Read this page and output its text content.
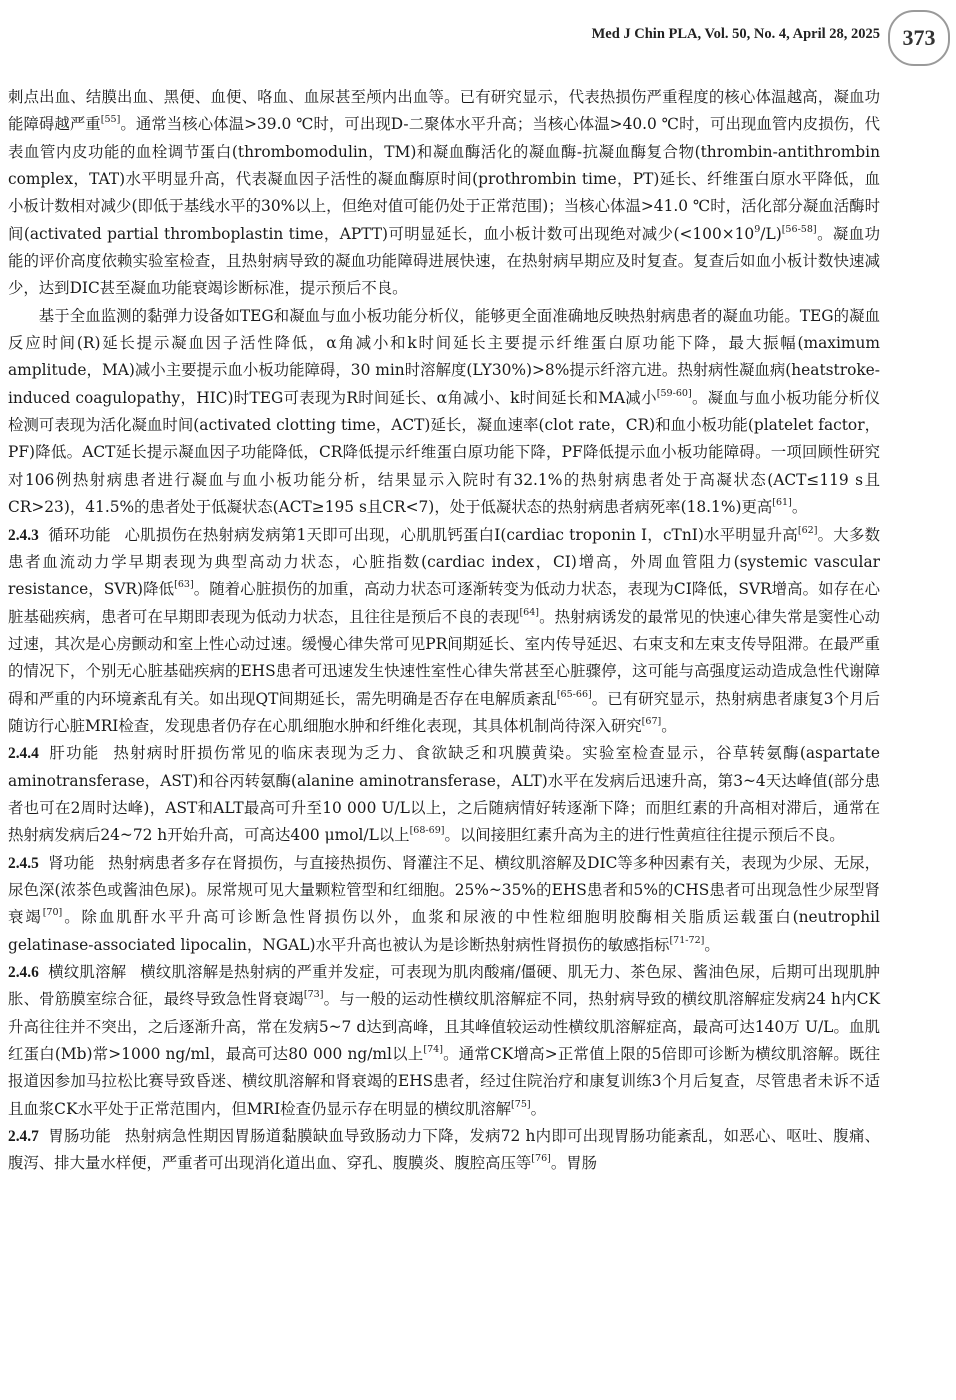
Med J Chin PLA, Vol. 50, No. 4, April 28, 2025	373

刺点出血、结膜出血、黑便、血便、咯血、血尿甚至颅内出血等。已有研究显示，代表热损伤严重程度的核心体温越高，凝血功能障碍越严重[55]。通常当核心体温>39.0 ℃时，可出现D-二聚体水平升高；当核心体温>40.0 ℃时，可出现血管内皮损伤，代表血管内皮功能的血栓调节蛋白(thrombomodulin，TM)和凝血酶活化的凝血酶-抗凝血酶复合物(thrombin-antithrombin complex，TAT)水平明显升高，代表凝血因子活性的凝血酶原时间(prothrombin time，PT)延长、纤维蛋白原水平降低，血小板计数相对减少(即低于基线水平的30%以上，但绝对值可能仍处于正常范围)；当核心体温>41.0 ℃时，活化部分凝血活酶时间(activated partial thromboplastin time，APTT)可明显延长，血小板计数可出现绝对减少$(<100\times 10^9/L)[56-58]$。凝血功能的评价高度依赖实验室检查，且热射病导致的凝血功能障碍进展快速，在热射病早期应及时复查。复查后如血小板计数快速减少，达到DIC甚至凝血功能衰竭诊断标准，提示预后不良。

基于全血监测的黏弹力设备如TEG和凝血与血小板功能分析仪，能够更全面准确地反映热射病患者的凝血功能。TEG的凝血反应时间(R)延长提示凝血因子活性降低，α角减小和k时间延长主要提示纤维蛋白原功能下降，最大振幅(maximum amplitude，MA)减小主要提示血小板功能障碍，30 min时溶解度(LY30%)>8%提示纤溶亢进。热射病性凝血病(heatstroke-induced coagulopathy，HIC)时TEG可表现为R时间延长、α角减小、k时间延长和MA减小[59-60]。凝血与血小板功能分析仪检测可表现为活化凝血时间(activated clotting time，ACT)延长，凝血速率(clot rate，CR)和血小板功能(platelet factor，PF)降低。ACT延长提示凝血因子功能降低，CR降低提示纤维蛋白原功能下降，PF降低提示血小板功能障碍。一项回顾性研究对106例热射病患者进行凝血与血小板功能分析，结果显示入院时有32.1%的热射病患者处于高凝状态(ACT≤119 s且CR>23)，41.5%的患者处于低凝状态(ACT≥195 s且CR<7)，处于低凝状态的热射病患者病死率(18.1%)更高[61]。

2.4.3 循环功能 心肌损伤在热射病发病第1天即可出现，心肌肌钙蛋白I(cardiac troponin I，cTnI)水平明显升高[62]。大多数患者血流动力学早期表现为典型高动力状态，心脏指数(cardiac index，CI)增高，外周血管阻力(systemic vascular resistance，SVR)降低[63]。随着心脏损伤的加重，高动力状态可逐渐转变为低动力状态，表现为CI降低，SVR增高。如存在心脏基础疾病，患者可在早期即表现为低动力状态，且往往是预后不良的表现[64]。热射病诱发的最常见的快速心律失常是窦性心动过速，其次是心房颤动和室上性心动过速。缓慢心律失常可见PR间期延长、室内传导延迟、右束支和左束支传导阻滞。在最严重的情况下，个别无心脏基础疾病的EHS患者可迅速发生快速性室性心律失常甚至心脏骤停，这可能与高强度运动造成急性代谢障碍和严重的内环境紊乱有关。如出现QT间期延长，需先明确是否存在电解质紊乱[65-66]。已有研究显示，热射病患者康复3个月后随访行心脏MRI检查，发现患者仍存在心肌细胞水肿和纤维化表现，其具体机制尚待深入研究[67]。

2.4.4 肝功能 热射病时肝损伤常见的临床表现为乏力、食欲缺乏和巩膜黄染。实验室检查显示，谷草转氨酶(aspartate aminotransferase，AST)和谷丙转氨酶(alanine aminotransferase，ALT)水平在发病后迅速升高，第3~4天达峰值(部分患者也可在2周时达峰)，AST和ALT最高可升至10 000 U/L以上，之后随病情好转逐渐下降；而胆红素的升高相对滞后，通常在热射病发病后24~72 h开始升高，可高达400 μmol/L以上[68-69]。以间接胆红素升高为主的进行性黄疸往往提示预后不良。

2.4.5 肾功能 热射病患者多存在肾损伤，与直接热损伤、肾灌注不足、横纹肌溶解及DIC等多种因素有关，表现为少尿、无尿，尿色深(浓茶色或酱油色尿)。尿常规可见大量颗粒管型和红细胞。25%~35%的EHS患者和5%的CHS患者可出现急性少尿型肾衰竭[70]。除血肌酐水平升高可诊断急性肾损伤以外，血浆和尿液的中性粒细胞明胶酶相关脂质运载蛋白(neutrophil gelatinase-associated lipocalin，NGAL)水平升高也被认为是诊断热射病性肾损伤的敏感指标[71-72]。

2.4.6 横纹肌溶解 横纹肌溶解是热射病的严重并发症，可表现为肌肉酸痛/僵硬、肌无力、茶色尿、酱油色尿，后期可出现肌肿胀、骨筋膜室综合征，最终导致急性肾衰竭[73]。与一般的运动性横纹肌溶解症不同，热射病导致的横纹肌溶解症发病24 h内CK升高往往并不突出，之后逐渐升高，常在发病5~7 d达到高峰，且其峰值较运动性横纹肌溶解症高，最高可达140万 U/L。血肌红蛋白(Mb)常>1000 ng/ml，最高可达80 000 ng/ml以上[74]。通常CK增高>正常值上限的5倍即可诊断为横纹肌溶解。既往报道因参加马拉松比赛导致昏迷、横纹肌溶解和肾衰竭的EHS患者，经过住院治疗和康复训练3个月后复查，尽管患者未诉不适且血浆CK水平处于正常范围内，但MRI检查仍显示存在明显的横纹肌溶解[75]。

2.4.7 胃肠功能 热射病急性期因胃肠道黏膜缺血导致肠动力下降，发病72 h内即可出现胃肠功能紊乱，如恶心、呕吐、腹痛、腹泻、排大量水样便，严重者可出现消化道出血、穿孔、腹膜炎、腹腔高压等[76]。胃肠
